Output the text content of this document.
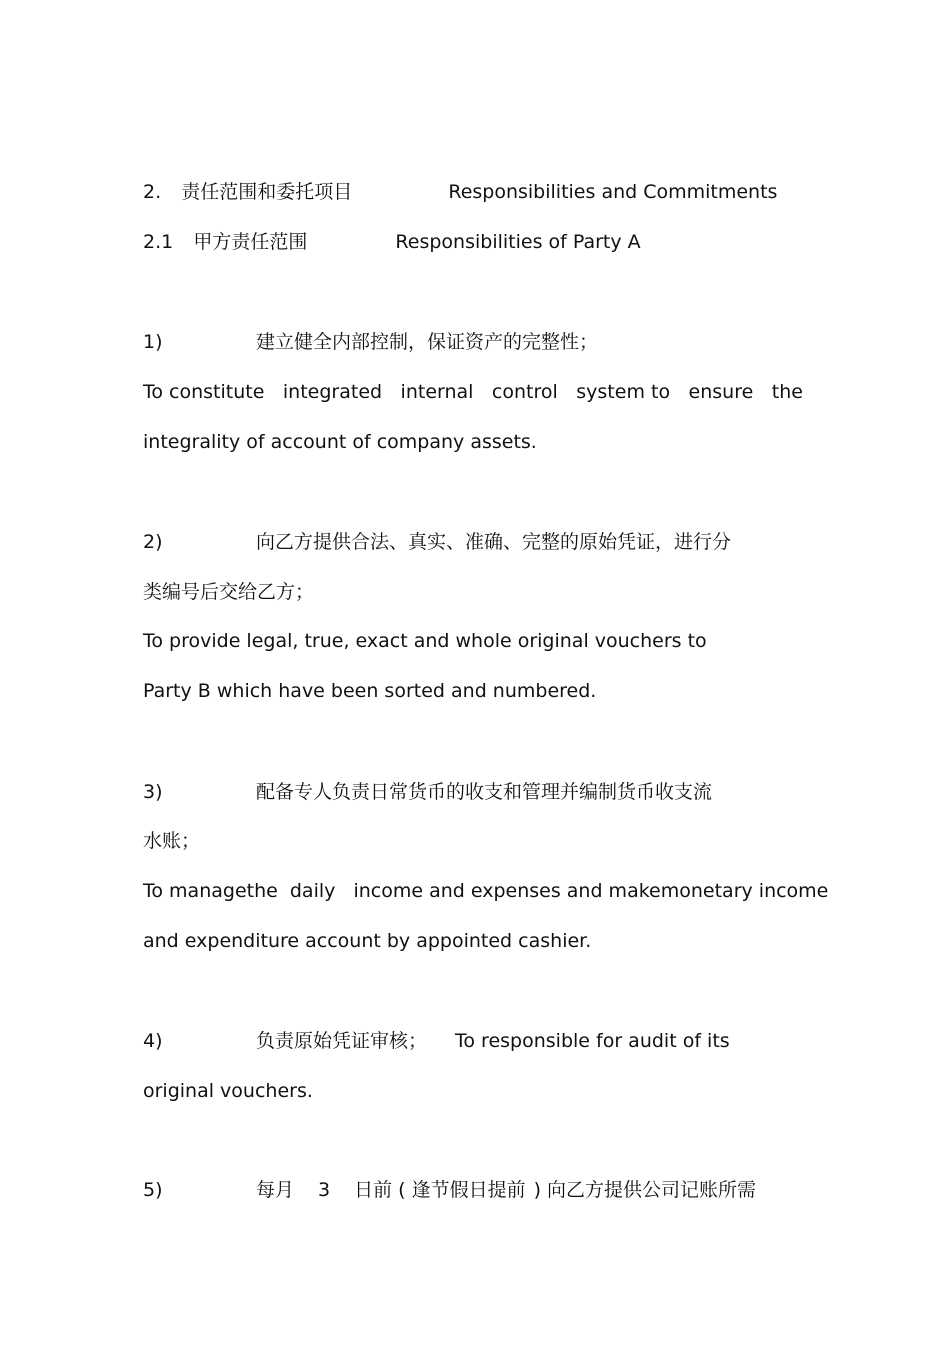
2. 责任范围和委托项目	Responsibilities and Commitments
2.1 甲方责任范围	Responsibilities of Party A
1)	建立健全内部控制，保证资产的完整性；
To constitute integrated internal control system to ensure the
integrality of account of company assets.
2)	向乙方提供合法、真实、准确、完整的原始凭证，进行分
类编号后交给乙方；
To provide legal, true, exact and whole original vouchers to
Party B which have been sorted and numbered.
3)	配备专人负责日常货币的收支和管理并编制货币收支流
水账；
To managethe daily income and expenses and makemonetary income
and expenditure account by appointed cashier.
4)	负责原始凭证审核； To responsible for audit of its
original vouchers.
5)	每月 3 日前 ( 逢节假日提前 ) 向乙方提供公司记账所需
